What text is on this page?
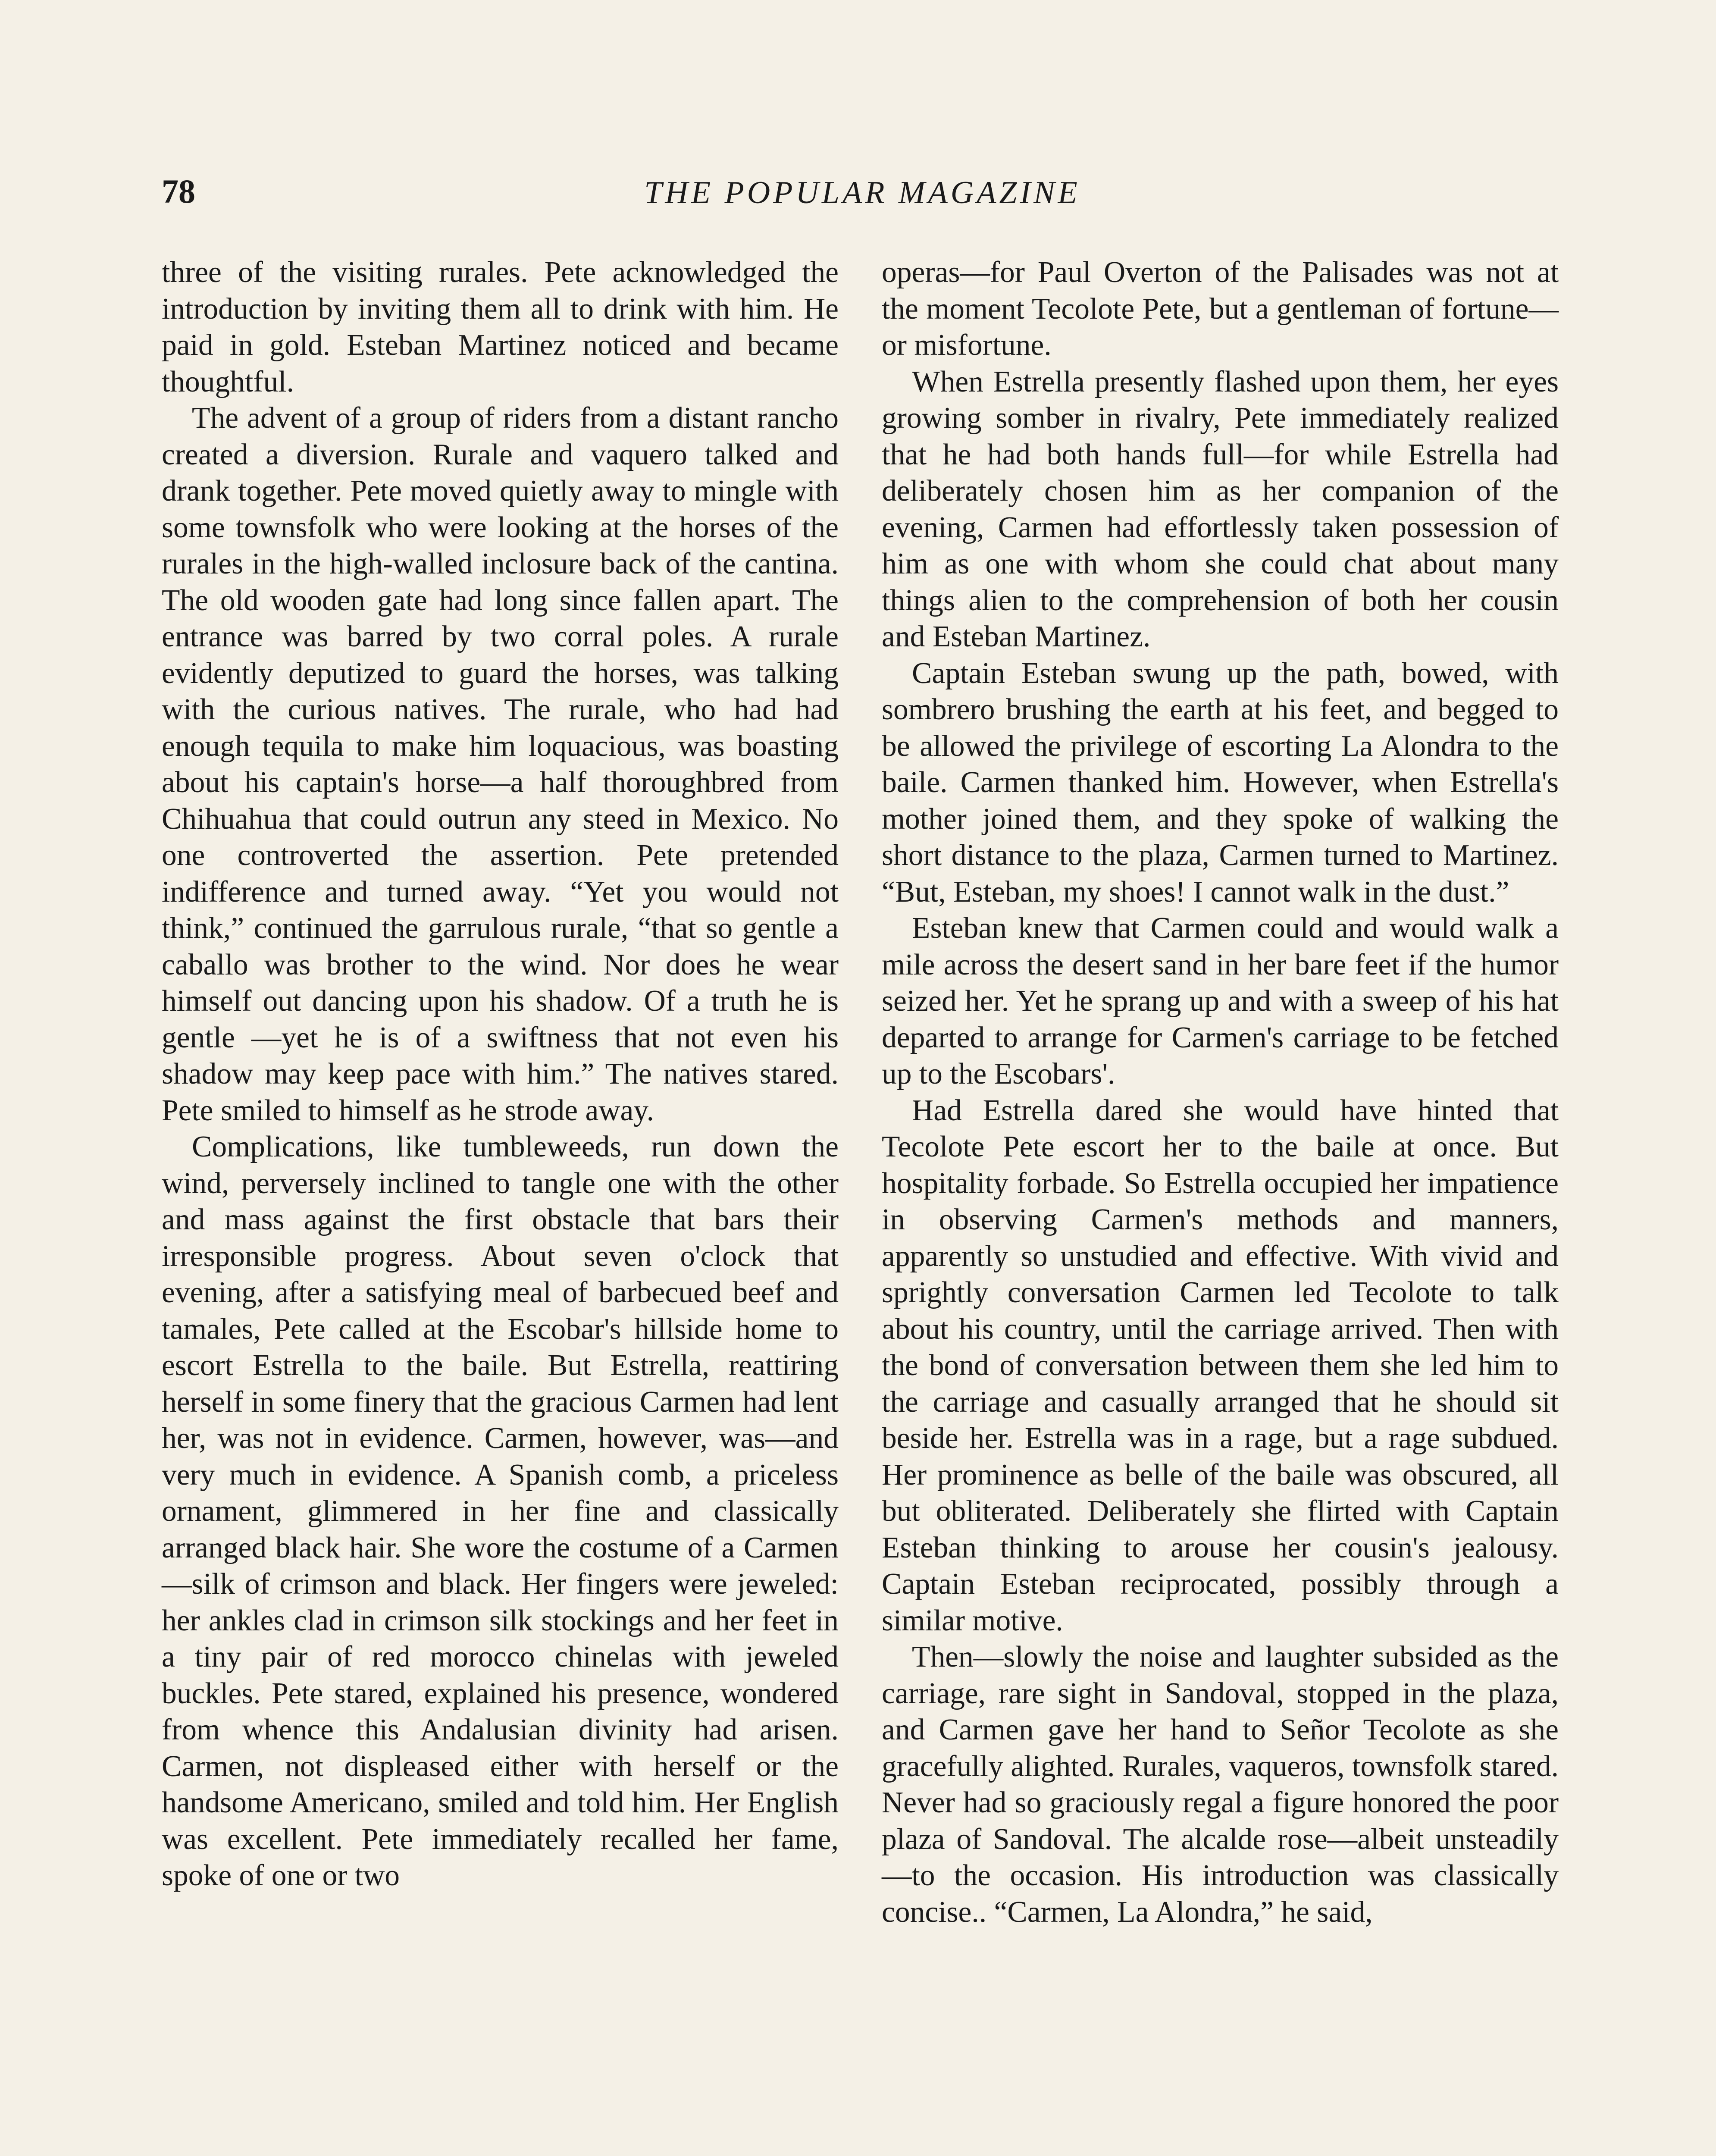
78	THE POPULAR MAGAZINE

three of the visiting rurales. Pete acknowledged the introduction by inviting them all to drink with him. He paid in gold. Esteban Martinez noticed and became thoughtful.

The advent of a group of riders from a distant rancho created a diversion. Rurale and vaquero talked and drank together. Pete moved quietly away to mingle with some townsfolk who were looking at the horses of the rurales in the high-walled inclosure back of the cantina. The old wooden gate had long since fallen apart. The entrance was barred by two corral poles. A rurale evidently deputized to guard the horses, was talking with the curious natives. The rurale, who had had enough tequila to make him loquacious, was boasting about his captain's horse—a half thoroughbred from Chihuahua that could outrun any steed in Mexico. No one controverted the assertion. Pete pretended indifference and turned away. “Yet you would not think,” continued the garrulous rurale, “that so gentle a caballo was brother to the wind. Nor does he wear himself out dancing upon his shadow. Of a truth he is gentle —yet he is of a swiftness that not even his shadow may keep pace with him.” The natives stared. Pete smiled to himself as he strode away.

Complications, like tumbleweeds, run down the wind, perversely inclined to tangle one with the other and mass against the first obstacle that bars their irresponsible progress. About seven o'clock that evening, after a satisfying meal of barbecued beef and tamales, Pete called at the Escobar's hillside home to escort Estrella to the baile. But Estrella, reattiring herself in some finery that the gracious Carmen had lent her, was not in evidence. Carmen, however, was—and very much in evidence. A Spanish comb, a priceless ornament, glimmered in her fine and classically arranged black hair. She wore the costume of a Carmen—silk of crimson and black. Her fingers were jeweled: her ankles clad in crimson silk stockings and her feet in a tiny pair of red morocco chinelas with jeweled buckles. Pete stared, explained his presence, wondered from whence this Andalusian divinity had arisen. Carmen, not displeased either with herself or the handsome Americano, smiled and told him. Her English was excellent. Pete immediately recalled her fame, spoke of one or two

operas—for Paul Overton of the Palisades was not at the moment Tecolote Pete, but a gentleman of fortune—or misfortune.

When Estrella presently flashed upon them, her eyes growing somber in rivalry, Pete immediately realized that he had both hands full—for while Estrella had deliberately chosen him as her companion of the evening, Carmen had effortlessly taken possession of him as one with whom she could chat about many things alien to the comprehension of both her cousin and Esteban Martinez.

Captain Esteban swung up the path, bowed, with sombrero brushing the earth at his feet, and begged to be allowed the privilege of escorting La Alondra to the baile. Carmen thanked him. However, when Estrella's mother joined them, and they spoke of walking the short distance to the plaza, Carmen turned to Martinez. “But, Esteban, my shoes! I cannot walk in the dust.”

Esteban knew that Carmen could and would walk a mile across the desert sand in her bare feet if the humor seized her. Yet he sprang up and with a sweep of his hat departed to arrange for Carmen's carriage to be fetched up to the Escobars'.

Had Estrella dared she would have hinted that Tecolote Pete escort her to the baile at once. But hospitality forbade. So Estrella occupied her impatience in observing Carmen's methods and manners, apparently so unstudied and effective. With vivid and sprightly conversation Carmen led Tecolote to talk about his country, until the carriage arrived. Then with the bond of conversation between them she led him to the carriage and casually arranged that he should sit beside her. Estrella was in a rage, but a rage subdued. Her prominence as belle of the baile was obscured, all but obliterated. Deliberately she flirted with Captain Esteban thinking to arouse her cousin's jealousy. Captain Esteban reciprocated, possibly through a similar motive.

Then—slowly the noise and laughter subsided as the carriage, rare sight in Sandoval, stopped in the plaza, and Carmen gave her hand to Señor Tecolote as she gracefully alighted. Rurales, vaqueros, townsfolk stared. Never had so graciously regal a figure honored the poor plaza of Sandoval. The alcalde rose—albeit unsteadily—to the occasion. His introduction was classically concise.. “Carmen, La Alondra,” he said,
